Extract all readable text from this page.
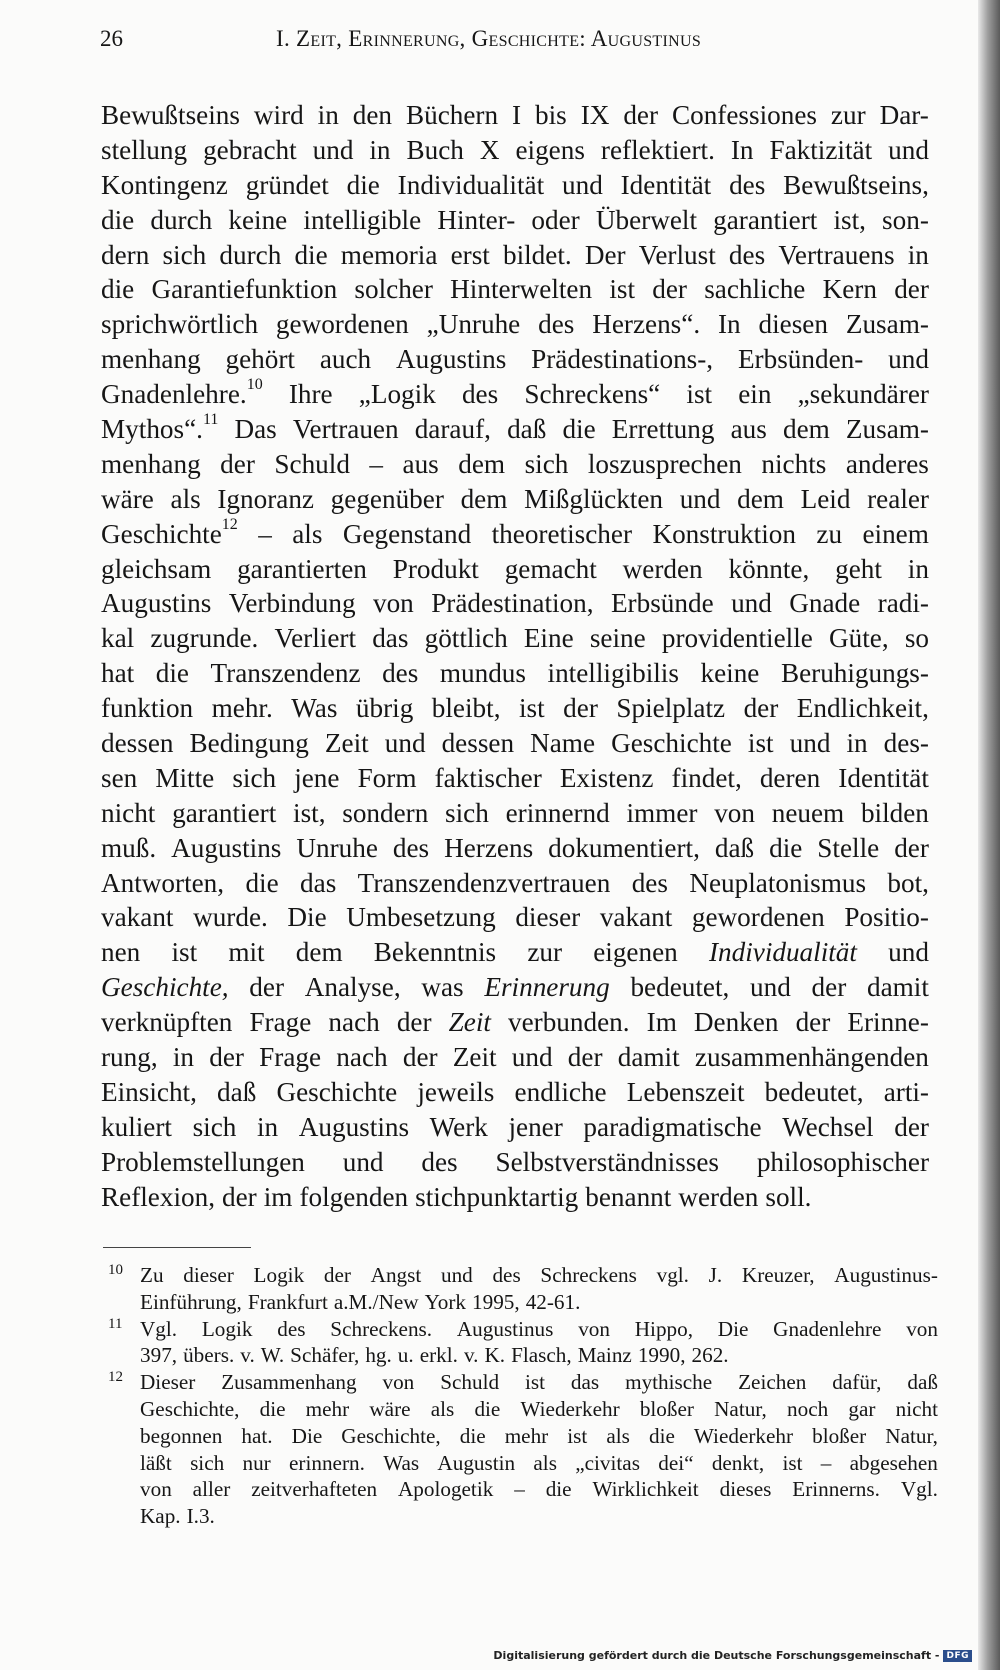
26	I. Zeit, Erinnerung, Geschichte: Augustinus
Bewußtseins wird in den Büchern I bis IX der Confessiones zur Dar-
stellung gebracht und in Buch X eigens reflektiert. In Faktizität und
Kontingenz gründet die Individualität und Identität des Bewußtseins,
die durch keine intelligible Hinter- oder Überwelt garantiert ist, son-
dern sich durch die memoria erst bildet. Der Verlust des Vertrauens in
die Garantiefunktion solcher Hinterwelten ist der sachliche Kern der
sprichwörtlich gewordenen „Unruhe des Herzens“. In diesen Zusam-
menhang gehört auch Augustins Prädestinations-, Erbsünden- und
Gnadenlehre.$^{10}$ Ihre „Logik des Schreckens“ ist ein „sekundärer
Mythos“.$^{11}$ Das Vertrauen darauf, daß die Errettung aus dem Zusam-
menhang der Schuld – aus dem sich loszusprechen nichts anderes
wäre als Ignoranz gegenüber dem Mißglückten und dem Leid realer
Geschichte$^{12}$ – als Gegenstand theoretischer Konstruktion zu einem
gleichsam garantierten Produkt gemacht werden könnte, geht in
Augustins Verbindung von Prädestination, Erbsünde und Gnade radi-
kal zugrunde. Verliert das göttlich Eine seine providentielle Güte, so
hat die Transzendenz des mundus intelligibilis keine Beruhigungs-
funktion mehr. Was übrig bleibt, ist der Spielplatz der Endlichkeit,
dessen Bedingung Zeit und dessen Name Geschichte ist und in des-
sen Mitte sich jene Form faktischer Existenz findet, deren Identität
nicht garantiert ist, sondern sich erinnernd immer von neuem bilden
muß. Augustins Unruhe des Herzens dokumentiert, daß die Stelle der
Antworten, die das Transzendenzvertrauen des Neuplatonismus bot,
vakant wurde. Die Umbesetzung dieser vakant gewordenen Positio-
nen ist mit dem Bekenntnis zur eigenen Individualität und
Geschichte, der Analyse, was Erinnerung bedeutet, und der damit
verknüpften Frage nach der Zeit verbunden. Im Denken der Erinne-
rung, in der Frage nach der Zeit und der damit zusammenhängenden
Einsicht, daß Geschichte jeweils endliche Lebenszeit bedeutet, arti-
kuliert sich in Augustins Werk jener paradigmatische Wechsel der
Problemstellungen und des Selbstverständnisses philosophischer
Reflexion, der im folgenden stichpunktartig benannt werden soll.
10 Zu dieser Logik der Angst und des Schreckens vgl. J. Kreuzer, Augustinus-
Einführung, Frankfurt a.M./New York 1995, 42-61.
11 Vgl. Logik des Schreckens. Augustinus von Hippo, Die Gnadenlehre von
397, übers. v. W. Schäfer, hg. u. erkl. v. K. Flasch, Mainz 1990, 262.
12 Dieser Zusammenhang von Schuld ist das mythische Zeichen dafür, daß
Geschichte, die mehr wäre als die Wiederkehr bloßer Natur, noch gar nicht
begonnen hat. Die Geschichte, die mehr ist als die Wiederkehr bloßer Natur,
läßt sich nur erinnern. Was Augustin als „civitas dei“ denkt, ist – abgesehen
von aller zeitverhafteten Apologetik – die Wirklichkeit dieses Erinnerns. Vgl.
Kap. I.3.
Digitalisierung gefördert durch die Deutsche Forschungsgemeinschaft - DFG
